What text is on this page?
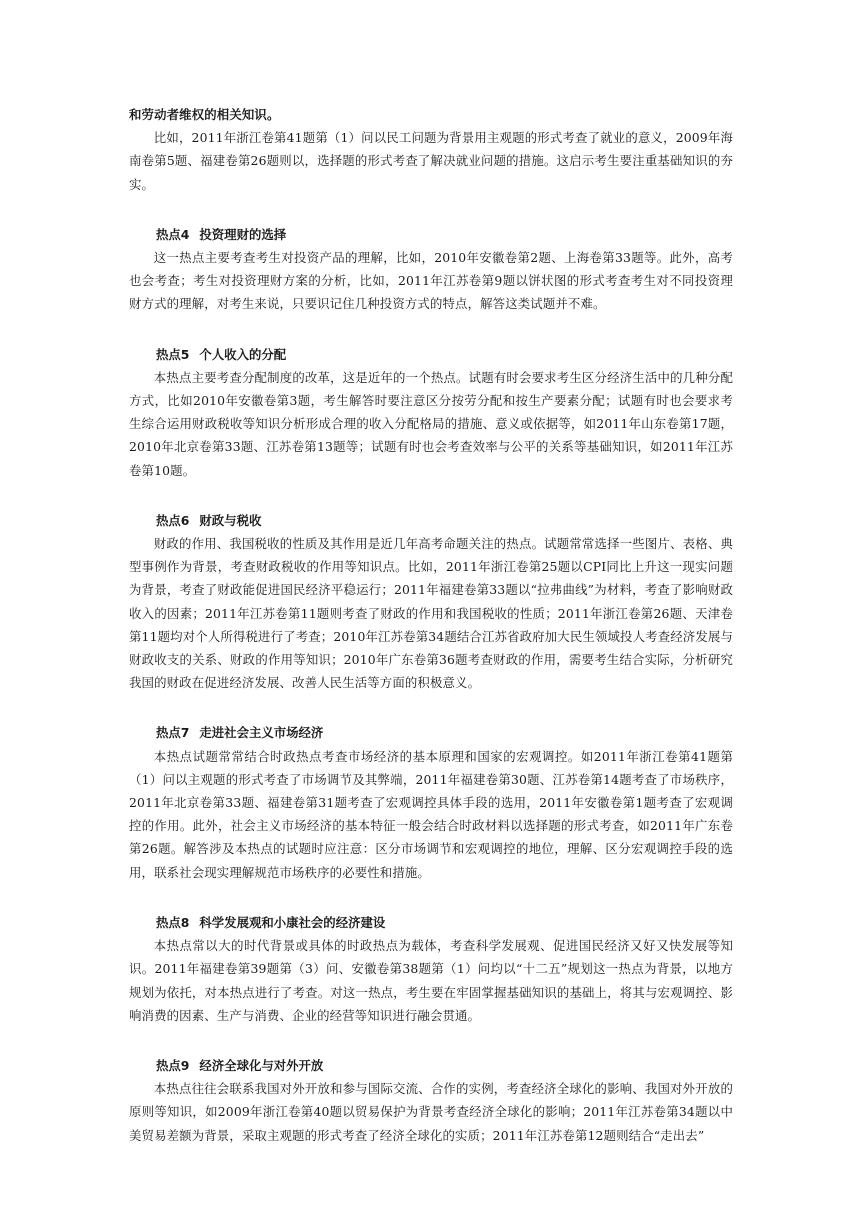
和劳动者维权的相关知识。

比如，2011年浙江卷第41题第（1）问以民工问题为背景用主观题的形式考查了就业的意义，2009年海南卷第5题、福建卷第26题则以，选择题的形式考查了解决就业问题的措施。这启示考生要注重基础知识的夯实。

热点4 投资理财的选择

这一热点主要考查考生对投资产品的理解，比如，2010年安徽卷第2题、上海卷第33题等。此外，高考也会考查；考生对投资理财方案的分析，比如，2011年江苏卷第9题以饼状图的形式考查考生对不同投资理财方式的理解，对考生来说，只要识记住几种投资方式的特点，解答这类试题并不难。

热点5 个人收入的分配

本热点主要考查分配制度的改革，这是近年的一个热点。试题有时会要求考生区分经济生活中的几种分配方式，比如2010年安徽卷第3题，考生解答时要注意区分按劳分配和按生产要素分配；试题有时也会要求考生综合运用财政税收等知识分析形成合理的收入分配格局的措施、意义或依据等，如2011年山东卷第17题，2010年北京卷第33题、江苏卷第13题等；试题有时也会考查效率与公平的关系等基础知识，如2011年江苏卷第10题。

热点6 财政与税收

财政的作用、我国税收的性质及其作用是近几年高考命题关注的热点。试题常常选择一些图片、表格、典型事例作为背景，考查财政税收的作用等知识点。比如，2011年浙江卷第25题以CPI同比上升这一现实问题为背景，考查了财政能促进国民经济平稳运行；2011年福建卷第33题以“拉弗曲线”为材料，考查了影响财政收入的因素；2011年江苏卷第11题则考查了财政的作用和我国税收的性质；2011年浙江卷第26题、天津卷第11题均对个人所得税进行了考查；2010年江苏卷第34题结合江苏省政府加大民生领域投人考查经济发展与财政收支的关系、财政的作用等知识；2010年广东卷第36题考查财政的作用，需要考生结合实际，分析研究我国的财政在促进经济发展、改善人民生活等方面的积极意义。

热点7 走进社会主义市场经济

本热点试题常常结合时政热点考查市场经济的基本原理和国家的宏观调控。如2011年浙江卷第41题第（1）问以主观题的形式考查了市场调节及其弊端，2011年福建卷第30题、江苏卷第14题考查了市场秩序，2011年北京卷第33题、福建卷第31题考查了宏观调控具体手段的选用，2011年安徽卷第1题考查了宏观调控的作用。此外，社会主义市场经济的基本特征一般会结合时政材料以选择题的形式考查，如2011年广东卷第26题。解答涉及本热点的试题时应注意：区分市场调节和宏观调控的地位，理解、区分宏观调控手段的选用，联系社会现实理解规范市场秩序的必要性和措施。

热点8 科学发展观和小康社会的经济建设

本热点常以大的时代背景或具体的时政热点为载体，考查科学发展观、促进国民经济又好又快发展等知识。2011年福建卷第39题第（3）问、安徽卷第38题第（1）问均以“十二五”规划这一热点为背景，以地方规划为依托，对本热点进行了考查。对这一热点，考生要在牢固掌握基础知识的基础上，将其与宏观调控、影响消费的因素、生产与消费、企业的经营等知识进行融会贯通。

热点9 经济全球化与对外开放

本热点往往会联系我国对外开放和参与国际交流、合作的实例，考查经济全球化的影响、我国对外开放的原则等知识，如2009年浙江卷第40题以贸易保护为背景考查经济全球化的影响；2011年江苏卷第34题以中美贸易差额为背景，采取主观题的形式考查了经济全球化的实质；2011年江苏卷第12题则结合“走出去”
